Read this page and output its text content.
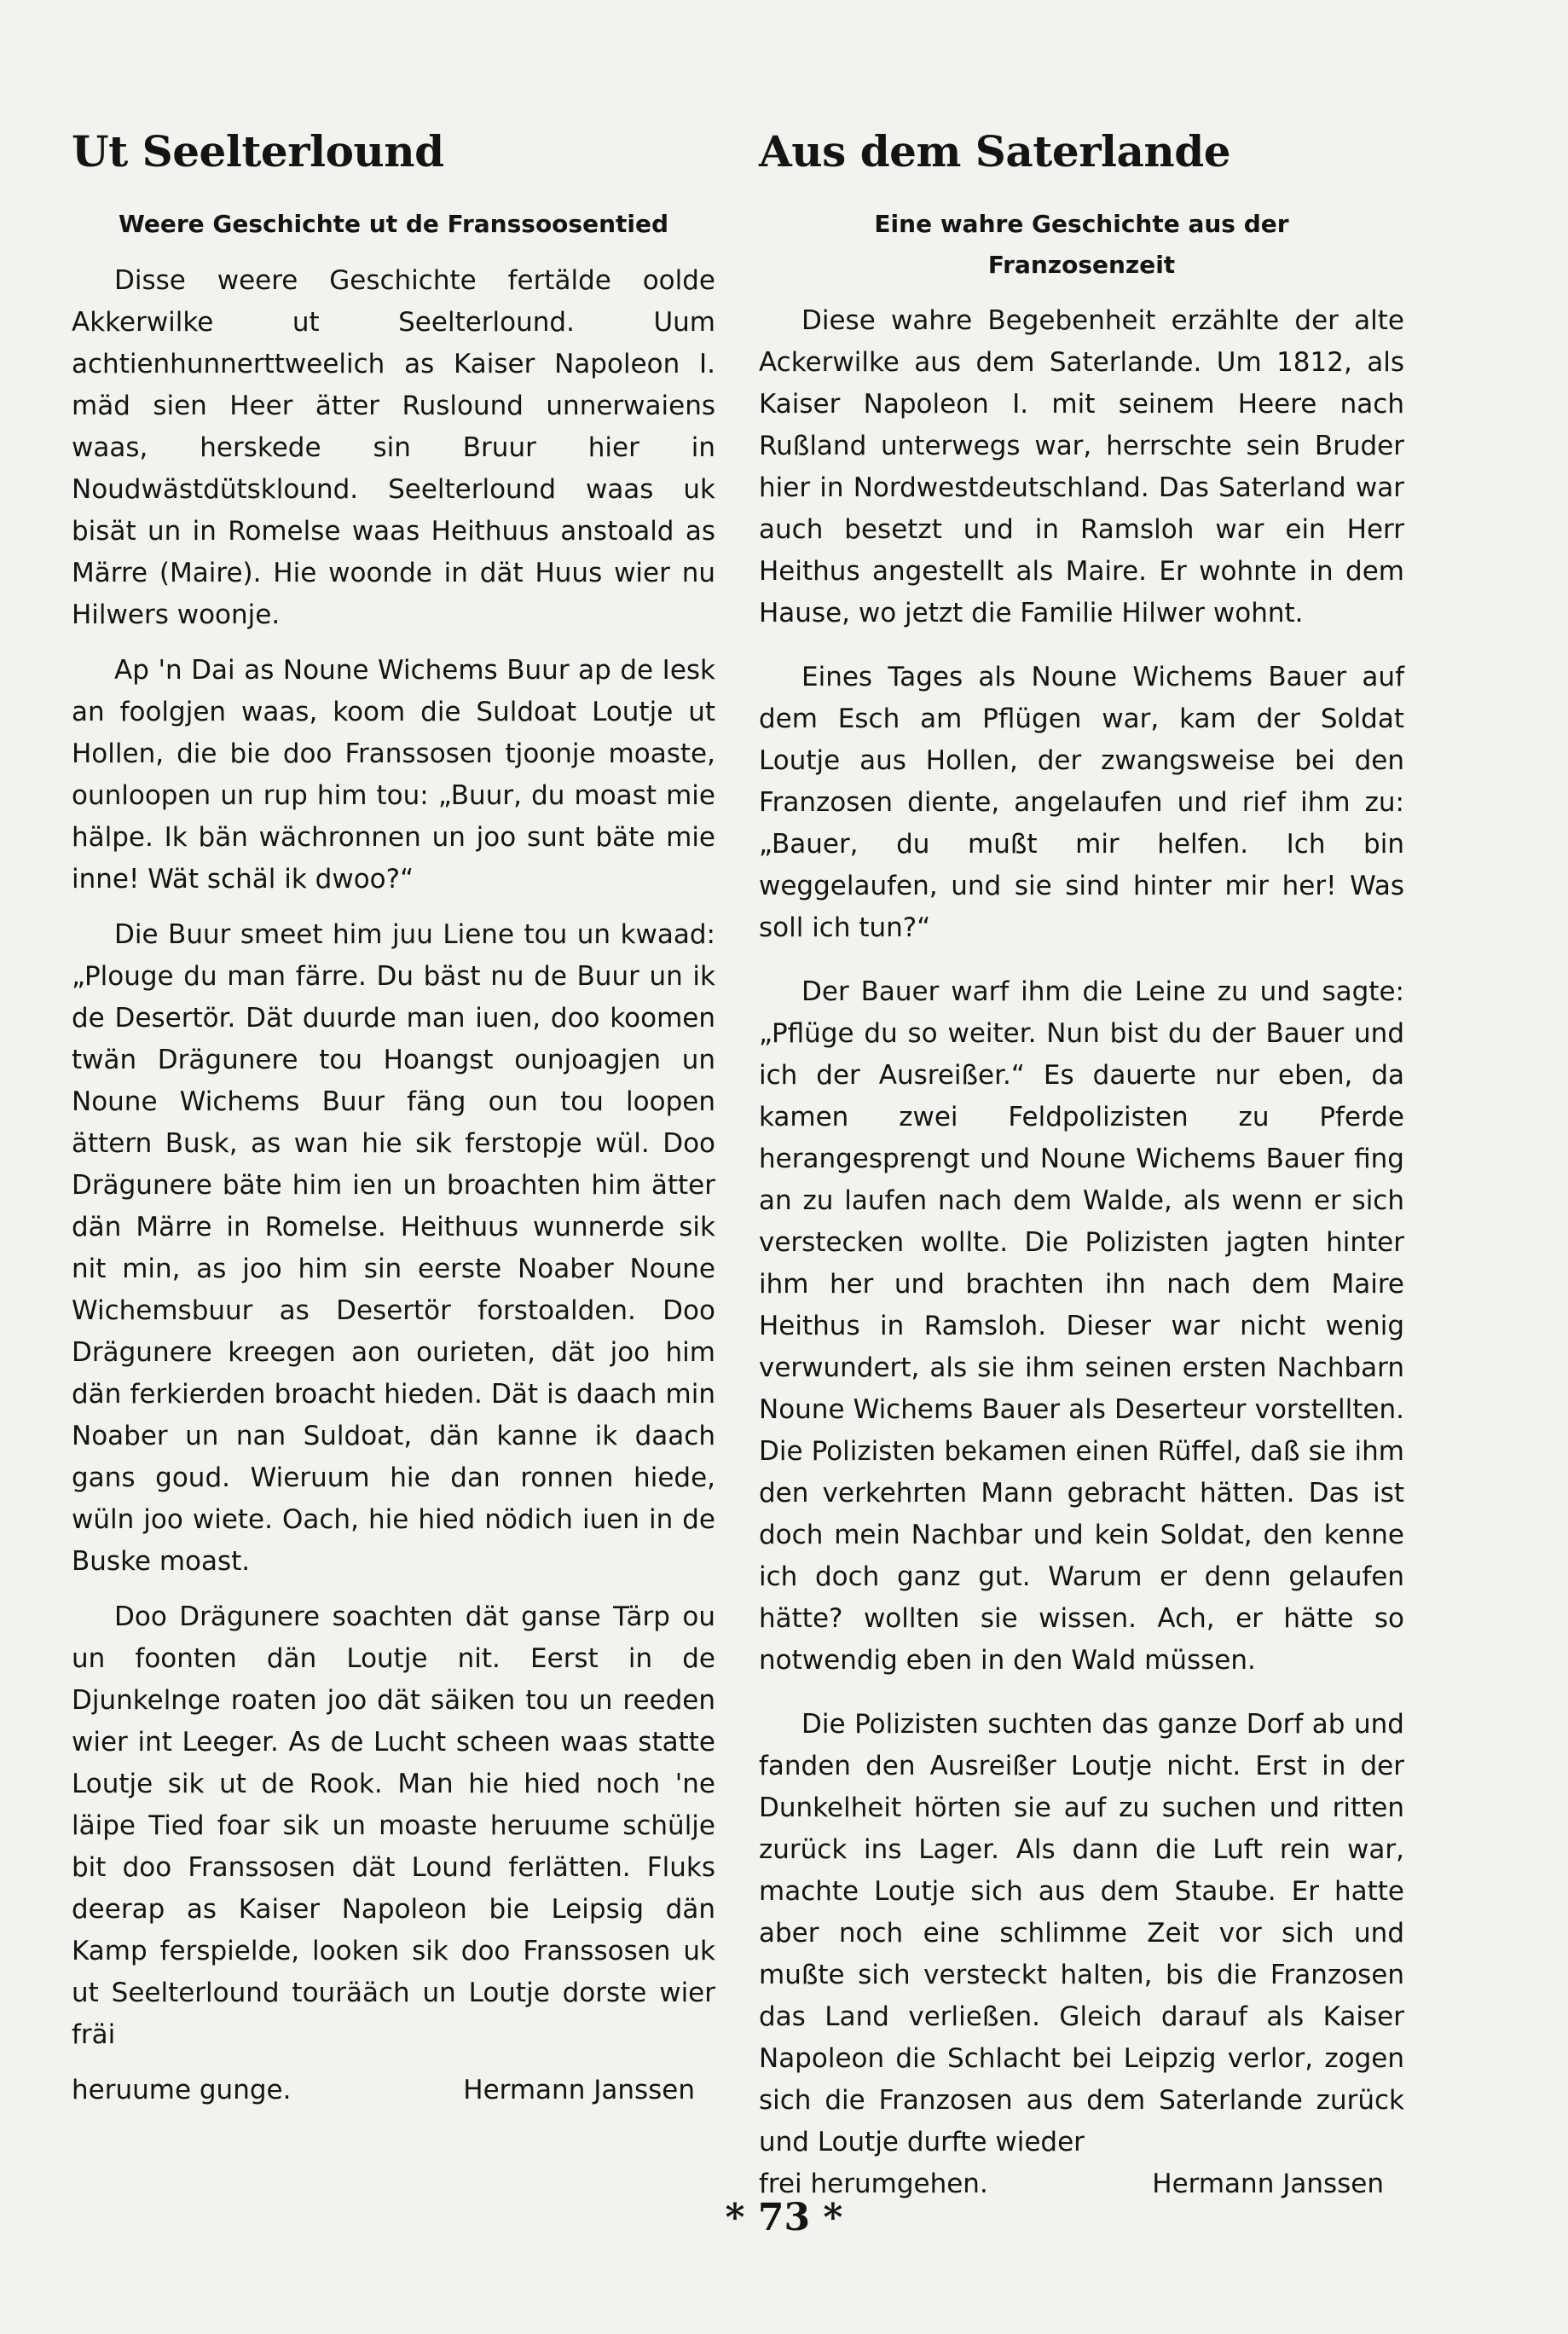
Ut Seelterlound
Weere Geschichte ut de Franssoosentied

Disse weere Geschichte fertälde oolde Akkerwilke ut Seelterlound. Uum achtienhunnerttweelich as Kaiser Napoleon I. mäd sien Heer ätter Ruslound unnerwaiens waas, herskede sin Bruur hier in Noudwästdütsklound. Seelterlound waas uk bisät un in Romelse waas Heithuus anstoald as Märre (Maire). Hie woonde in dät Huus wier nu Hilwers woonje.

Ap 'n Dai as Noune Wichems Buur ap de Iesk an foolgjen waas, koom die Suldoat Loutje ut Hollen, die bie doo Franssosen tjoonje moaste, ounloopen un rup him tou: „Buur, du moast mie hälpe. Ik bän wächronnen un joo sunt bäte mie inne! Wät schäl ik dwoo?“

Die Buur smeet him juu Liene tou un kwaad: „Plouge du man färre. Du bäst nu de Buur un ik de Desertör. Dät duurde man iuen, doo koomen twän Drägunere tou Hoangst ounjoagjen un Noune Wichems Buur fäng oun tou loopen ättern Busk, as wan hie sik ferstopje wül. Doo Drägunere bäte him ien un broachten him ätter dän Märre in Romelse. Heithuus wunnerde sik nit min, as joo him sin eerste Noaber Noune Wichemsbuur as Desertör forstoalden. Doo Drägunere kreegen aon ourieten, dät joo him dän ferkierden broacht hieden. Dät is daach min Noaber un nan Suldoat, dän kanne ik daach gans goud. Wieruum hie dan ronnen hiede, wüln joo wiete. Oach, hie hied nödich iuen in de Buske moast.

Doo Drägunere soachten dät ganse Tärp ou un foonten dän Loutje nit. Eerst in de Djunkelnge roaten joo dät säiken tou un reeden wier int Leeger. As de Lucht scheen waas statte Loutje sik ut de Rook. Man hie hied noch 'ne läipe Tied foar sik un moaste heruume schülje bit doo Franssosen dät Lound ferlätten. Fluks deerap as Kaiser Napoleon bie Leipsig dän Kamp ferspielde, looken sik doo Franssosen uk ut Seelterlound tourääch un Loutje dorste wier fräi

heruume gunge.	Hermann Janssen
Aus dem Saterlande
Eine wahre Geschichte aus der Franzosenzeit

Diese wahre Begebenheit erzählte der alte Ackerwilke aus dem Saterlande. Um 1812, als Kaiser Napoleon I. mit seinem Heere nach Rußland unterwegs war, herrschte sein Bruder hier in Nordwestdeutschland. Das Saterland war auch besetzt und in Ramsloh war ein Herr Heithus angestellt als Maire. Er wohnte in dem Hause, wo jetzt die Familie Hilwer wohnt.

Eines Tages als Noune Wichems Bauer auf dem Esch am Pflügen war, kam der Soldat Loutje aus Hollen, der zwangsweise bei den Franzosen diente, angelaufen und rief ihm zu: „Bauer, du mußt mir helfen. Ich bin weggelaufen, und sie sind hinter mir her! Was soll ich tun?“

Der Bauer warf ihm die Leine zu und sagte: „Pflüge du so weiter. Nun bist du der Bauer und ich der Ausreißer.“ Es dauerte nur eben, da kamen zwei Feldpolizisten zu Pferde herangesprengt und Noune Wichems Bauer fing an zu laufen nach dem Walde, als wenn er sich verstecken wollte. Die Polizisten jagten hinter ihm her und brachten ihn nach dem Maire Heithus in Ramsloh. Dieser war nicht wenig verwundert, als sie ihm seinen ersten Nachbarn Noune Wichems Bauer als Deserteur vorstellten. Die Polizisten bekamen einen Rüffel, daß sie ihm den verkehrten Mann gebracht hätten. Das ist doch mein Nachbar und kein Soldat, den kenne ich doch ganz gut. Warum er denn gelaufen hätte? wollten sie wissen. Ach, er hätte so notwendig eben in den Wald müssen.

Die Polizisten suchten das ganze Dorf ab und fanden den Ausreißer Loutje nicht. Erst in der Dunkelheit hörten sie auf zu suchen und ritten zurück ins Lager. Als dann die Luft rein war, machte Loutje sich aus dem Staube. Er hatte aber noch eine schlimme Zeit vor sich und mußte sich versteckt halten, bis die Franzosen das Land verließen. Gleich darauf als Kaiser Napoleon die Schlacht bei Leipzig verlor, zogen sich die Franzosen aus dem Saterlande zurück und Loutje durfte wieder

frei herumgehen.	Hermann Janssen
* 73 *
